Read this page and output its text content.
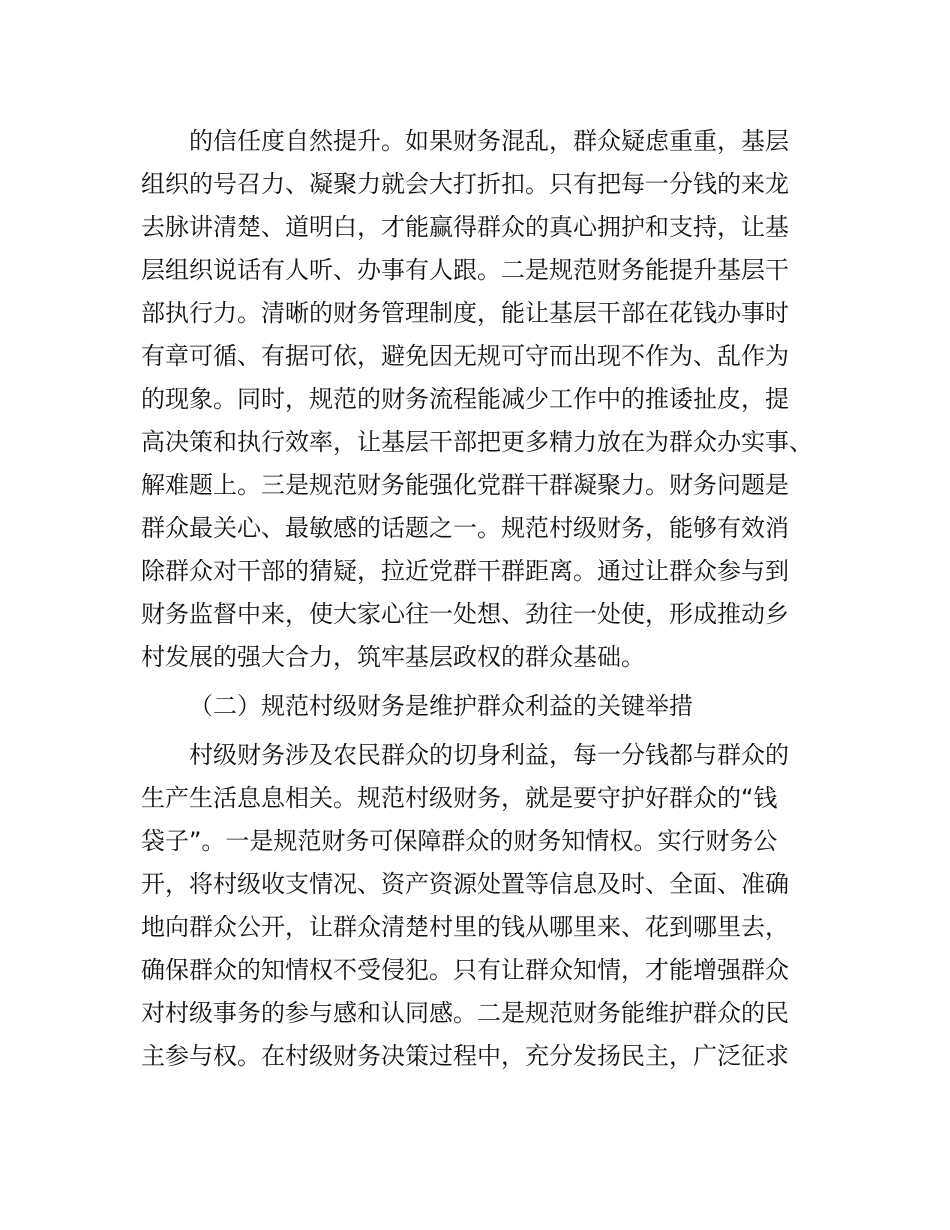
的信任度自然提升。如果财务混乱，群众疑虑重重，基层
组织的号召力、凝聚力就会大打折扣。只有把每一分钱的来龙
去脉讲清楚、道明白，才能赢得群众的真心拥护和支持，让基
层组织说话有人听、办事有人跟。二是规范财务能提升基层干
部执行力。清晰的财务管理制度，能让基层干部在花钱办事时
有章可循、有据可依，避免因无规可守而出现不作为、乱作为
的现象。同时，规范的财务流程能减少工作中的推诿扯皮，提
高决策和执行效率，让基层干部把更多精力放在为群众办实事、
解难题上。三是规范财务能强化党群干群凝聚力。财务问题是
群众最关心、最敏感的话题之一。规范村级财务，能够有效消
除群众对干部的猜疑，拉近党群干群距离。通过让群众参与到
财务监督中来，使大家心往一处想、劲往一处使，形成推动乡
村发展的强大合力，筑牢基层政权的群众基础。
（二）规范村级财务是维护群众利益的关键举措
村级财务涉及农民群众的切身利益，每一分钱都与群众的
生产生活息息相关。规范村级财务，就是要守护好群众的“钱
袋子”。一是规范财务可保障群众的财务知情权。实行财务公
开，将村级收支情况、资产资源处置等信息及时、全面、准确
地向群众公开，让群众清楚村里的钱从哪里来、花到哪里去，
确保群众的知情权不受侵犯。只有让群众知情，才能增强群众
对村级事务的参与感和认同感。二是规范财务能维护群众的民
主参与权。在村级财务决策过程中，充分发扬民主，广泛征求
